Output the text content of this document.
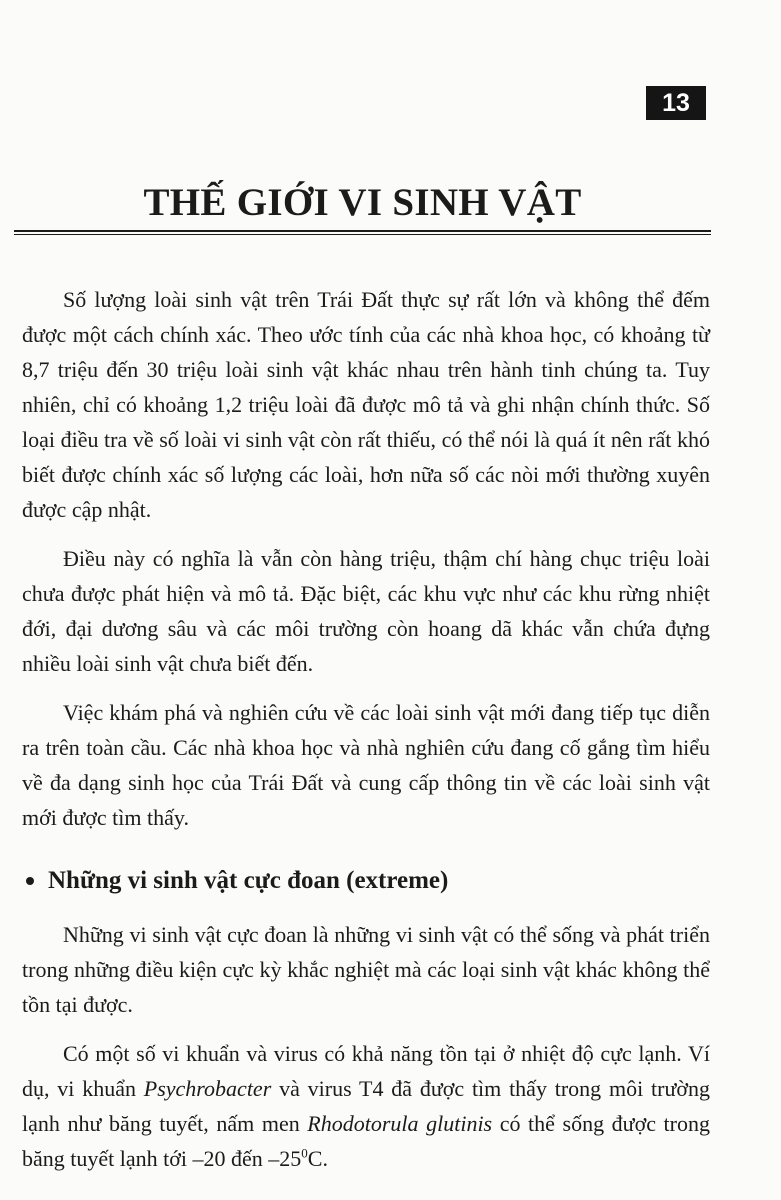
13
THẾ GIỚI VI SINH VẬT

Số lượng loài sinh vật trên Trái Đất thực sự rất lớn và không thể đếm được một cách chính xác. Theo ước tính của các nhà khoa học, có khoảng từ 8,7 triệu đến 30 triệu loài sinh vật khác nhau trên hành tinh chúng ta. Tuy nhiên, chỉ có khoảng 1,2 triệu loài đã được mô tả và ghi nhận chính thức. Số loại điều tra về số loài vi sinh vật còn rất thiếu, có thể nói là quá ít nên rất khó biết được chính xác số lượng các loài, hơn nữa số các nòi mới thường xuyên được cập nhật.

Điều này có nghĩa là vẫn còn hàng triệu, thậm chí hàng chục triệu loài chưa được phát hiện và mô tả. Đặc biệt, các khu vực như các khu rừng nhiệt đới, đại dương sâu và các môi trường còn hoang dã khác vẫn chứa đựng nhiều loài sinh vật chưa biết đến.

Việc khám phá và nghiên cứu về các loài sinh vật mới đang tiếp tục diễn ra trên toàn cầu. Các nhà khoa học và nhà nghiên cứu đang cố gắng tìm hiểu về đa dạng sinh học của Trái Đất và cung cấp thông tin về các loài sinh vật mới được tìm thấy.

Những vi sinh vật cực đoan (extreme)

Những vi sinh vật cực đoan là những vi sinh vật có thể sống và phát triển trong những điều kiện cực kỳ khắc nghiệt mà các loại sinh vật khác không thể tồn tại được.

Có một số vi khuẩn và virus có khả năng tồn tại ở nhiệt độ cực lạnh. Ví dụ, vi khuẩn Psychrobacter và virus T4 đã được tìm thấy trong môi trường lạnh như băng tuyết, nấm men Rhodotorula glutinis có thể sống được trong băng tuyết lạnh tới –20 đến $-25^0C$.
